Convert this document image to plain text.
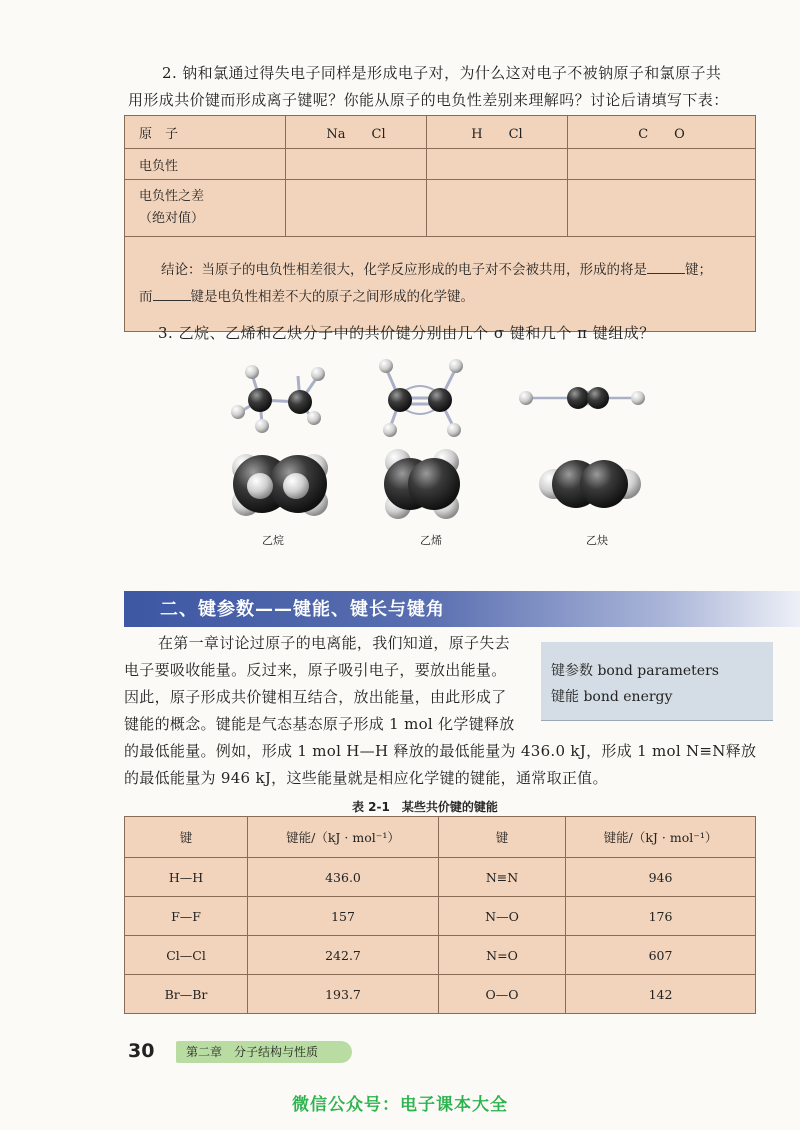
2. 钠和氯通过得失电子同样是形成电子对，为什么这对电子不被钠原子和氯原子共
用形成共价键而形成离子键呢？你能从原子的电负性差别来理解吗？讨论后请填写下表：
原　子	Na　　Cl	H　　Cl	C　　O
电负性			
电负性之差
（绝对值）			

结论：当原子的电负性相差很大，化学反应形成的电子对不会被共用，形成的将是 键；
而 键是电负性相差不大的原子之间形成的化学键。			
3. 乙烷、乙烯和乙炔分子中的共价键分别由几个 σ 键和几个 π 键组成？
乙烷	乙烯	乙炔
二、键参数——键能、键长与键角
在第一章讨论过原子的电离能，我们知道，原子失去
电子要吸收能量。反过来，原子吸引电子，要放出能量。
因此，原子形成共价键相互结合，放出能量，由此形成了
键能的概念。键能是气态基态原子形成 1 mol 化学键释放
的最低能量。例如，形成 1 mol H—H 释放的最低能量为 436.0 kJ，形成 1 mol N≡N释放
的最低能量为 946 kJ，这些能量就是相应化学键的键能，通常取正值。
键参数 bond parameters
键能 bond energy
表 2-1　某些共价键的键能
键	键能/（kJ · mol⁻¹）	键	键能/（kJ · mol⁻¹）
H—H	436.0	N≡N	946
F—F	157	N—O	176
Cl—Cl	242.7	N=O	607
Br—Br	193.7	O—O	142
30	第二章　分子结构与性质
微信公众号：电子课本大全
